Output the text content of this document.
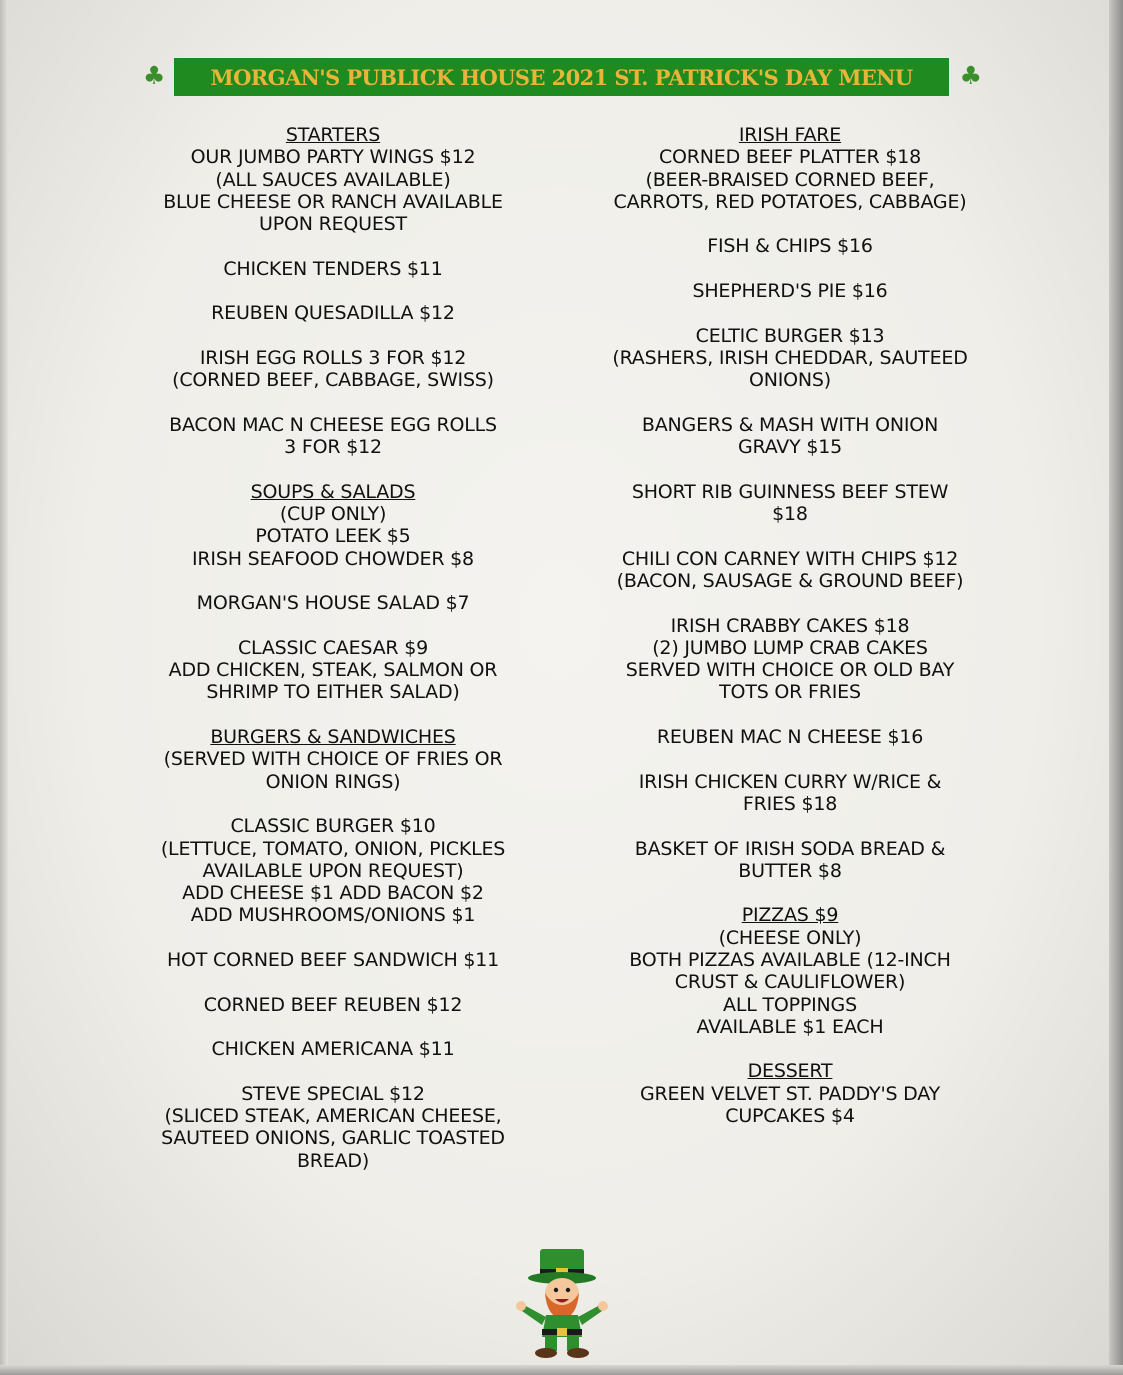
♣ MORGAN'S PUBLICK HOUSE 2021 ST. PATRICK'S DAY MENU ♣
STARTERS
OUR JUMBO PARTY WINGS $12
(ALL SAUCES AVAILABLE)
BLUE CHEESE OR RANCH AVAILABLE
UPON REQUEST
CHICKEN TENDERS $11
REUBEN QUESADILLA $12
IRISH EGG ROLLS 3 FOR $12
(CORNED BEEF, CABBAGE, SWISS)
BACON MAC N CHEESE EGG ROLLS
3 FOR $12
SOUPS & SALADS
(CUP ONLY)
POTATO LEEK $5
IRISH SEAFOOD CHOWDER $8
MORGAN'S HOUSE SALAD $7
CLASSIC CAESAR $9
ADD CHICKEN, STEAK, SALMON OR
SHRIMP TO EITHER SALAD)
BURGERS & SANDWICHES
(SERVED WITH CHOICE OF FRIES OR
ONION RINGS)
CLASSIC BURGER $10
(LETTUCE, TOMATO, ONION, PICKLES
AVAILABLE UPON REQUEST)
ADD CHEESE $1 ADD BACON $2
ADD MUSHROOMS/ONIONS $1
HOT CORNED BEEF SANDWICH $11
CORNED BEEF REUBEN $12
CHICKEN AMERICANA $11
STEVE SPECIAL $12
(SLICED STEAK, AMERICAN CHEESE,
SAUTEED ONIONS, GARLIC TOASTED
BREAD)
IRISH FARE
CORNED BEEF PLATTER $18
(BEER-BRAISED CORNED BEEF,
CARROTS, RED POTATOES, CABBAGE)
FISH & CHIPS $16
SHEPHERD'S PIE $16
CELTIC BURGER $13
(RASHERS, IRISH CHEDDAR, SAUTEED
ONIONS)
BANGERS & MASH WITH ONION
GRAVY $15
SHORT RIB GUINNESS BEEF STEW
$18
CHILI CON CARNEY WITH CHIPS $12
(BACON, SAUSAGE & GROUND BEEF)
IRISH CRABBY CAKES $18
(2) JUMBO LUMP CRAB CAKES
SERVED WITH CHOICE OR OLD BAY
TOTS OR FRIES
REUBEN MAC N CHEESE $16
IRISH CHICKEN CURRY W/RICE &
FRIES $18
BASKET OF IRISH SODA BREAD &
BUTTER $8
PIZZAS $9
(CHEESE ONLY)
BOTH PIZZAS AVAILABLE (12-INCH
CRUST & CAULIFLOWER)
ALL TOPPINGS
AVAILABLE $1 EACH
DESSERT
GREEN VELVET ST. PADDY'S DAY
CUPCAKES $4
